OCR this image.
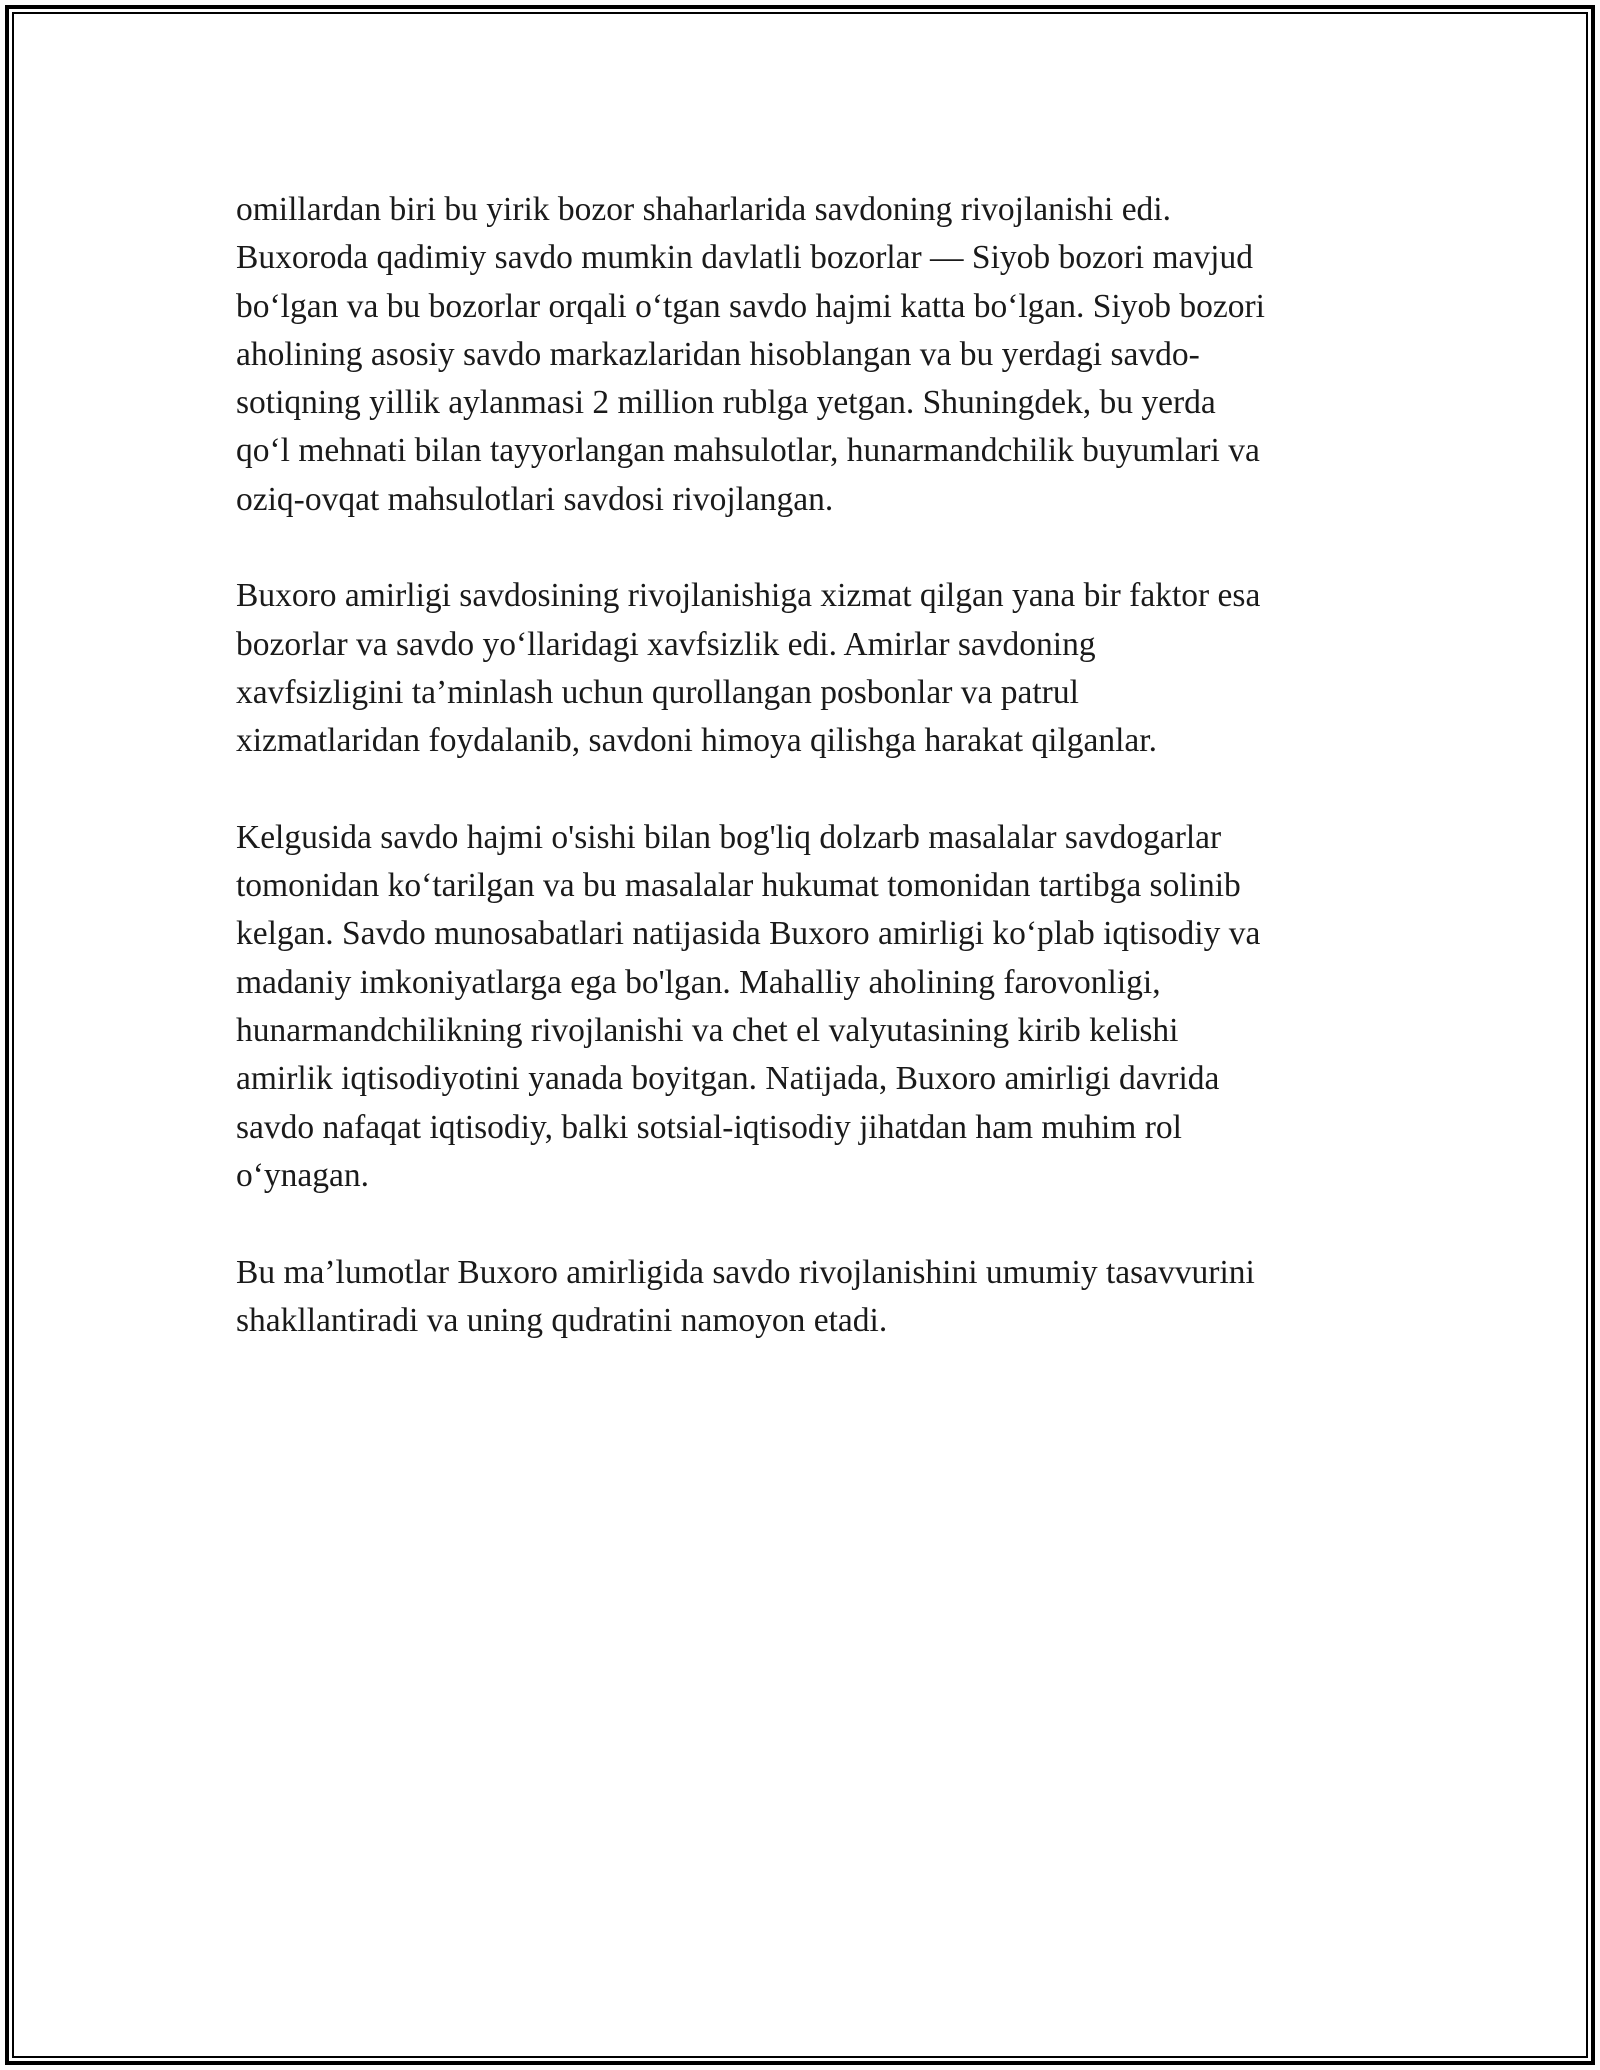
omillardan biri bu yirik bozor shaharlarida savdoning rivojlanishi edi.
Buxoroda qadimiy savdo mumkin davlatli bozorlar — Siyob bozori mavjud
bo‘lgan va bu bozorlar orqali o‘tgan savdo hajmi katta bo‘lgan. Siyob bozori
aholining asosiy savdo markazlaridan hisoblangan va bu yerdagi savdo-
sotiqning yillik aylanmasi 2 million rublga yetgan. Shuningdek, bu yerda
qo‘l mehnati bilan tayyorlangan mahsulotlar, hunarmandchilik buyumlari va
oziq-ovqat mahsulotlari savdosi rivojlangan.

Buxoro amirligi savdosining rivojlanishiga xizmat qilgan yana bir faktor esa
bozorlar va savdo yo‘llaridagi xavfsizlik edi. Amirlar savdoning
xavfsizligini ta’minlash uchun qurollangan posbonlar va patrul
xizmatlaridan foydalanib, savdoni himoya qilishga harakat qilganlar.

Kelgusida savdo hajmi o'sishi bilan bog'liq dolzarb masalalar savdogarlar
tomonidan ko‘tarilgan va bu masalalar hukumat tomonidan tartibga solinib
kelgan. Savdo munosabatlari natijasida Buxoro amirligi ko‘plab iqtisodiy va
madaniy imkoniyatlarga ega bo'lgan. Mahalliy aholining farovonligi,
hunarmandchilikning rivojlanishi va chet el valyutasining kirib kelishi
amirlik iqtisodiyotini yanada boyitgan. Natijada, Buxoro amirligi davrida
savdo nafaqat iqtisodiy, balki sotsial-iqtisodiy jihatdan ham muhim rol
o‘ynagan.

Bu ma’lumotlar Buxoro amirligida savdo rivojlanishini umumiy tasavvurini
shakllantiradi va uning qudratini namoyon etadi.
